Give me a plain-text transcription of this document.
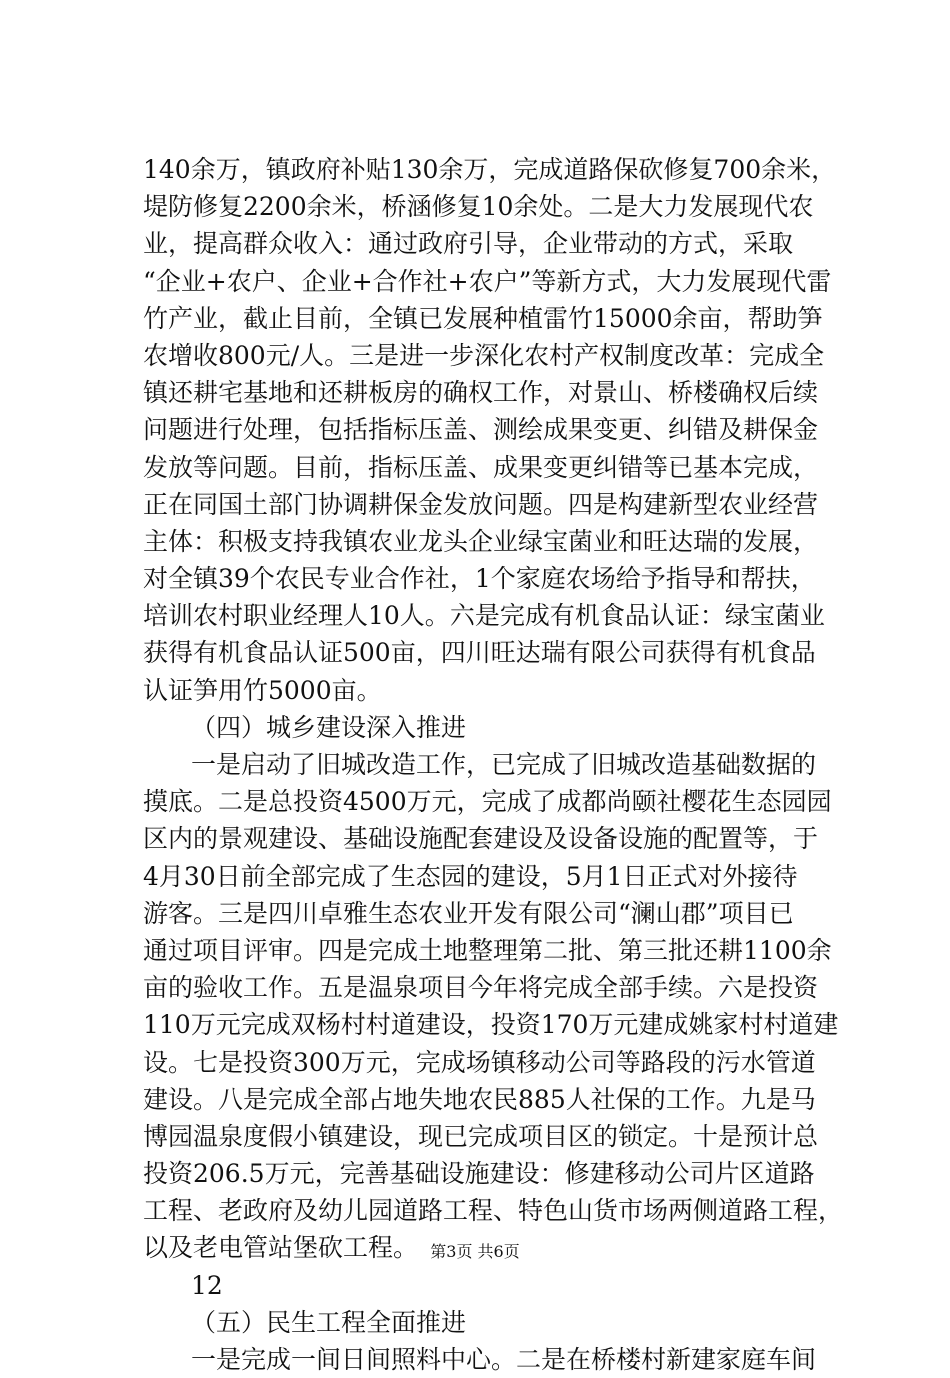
140余万，镇政府补贴130余万，完成道路保砍修复700余米，
堤防修复2200余米，桥涵修复10余处。二是大力发展现代农
业，提高群众收入：通过政府引导，企业带动的方式，采取
“企业+农户、企业+合作社+农户”等新方式，大力发展现代雷
竹产业，截止目前，全镇已发展种植雷竹15000余亩，帮助笋
农增收800元/人。三是进一步深化农村产权制度改革：完成全
镇还耕宅基地和还耕板房的确权工作，对景山、桥楼确权后续
问题进行处理，包括指标压盖、测绘成果变更、纠错及耕保金
发放等问题。目前，指标压盖、成果变更纠错等已基本完成，
正在同国土部门协调耕保金发放问题。四是构建新型农业经营
主体：积极支持我镇农业龙头企业绿宝菌业和旺达瑞的发展，
对全镇39个农民专业合作社，1个家庭农场给予指导和帮扶，
培训农村职业经理人10人。六是完成有机食品认证：绿宝菌业
获得有机食品认证500亩，四川旺达瑞有限公司获得有机食品
认证笋用竹5000亩。
（四）城乡建设深入推进
一是启动了旧城改造工作，已完成了旧城改造基础数据的
摸底。二是总投资4500万元，完成了成都尚颐社樱花生态园园
区内的景观建设、基础设施配套建设及设备设施的配置等，于
4月30日前全部完成了生态园的建设，5月1日正式对外接待
游客。三是四川卓雅生态农业开发有限公司“澜山郡”项目已
通过项目评审。四是完成土地整理第二批、第三批还耕1100余
亩的验收工作。五是温泉项目今年将完成全部手续。六是投资
110万元完成双杨村村道建设，投资170万元建成姚家村村道建
设。七是投资300万元，完成场镇移动公司等路段的污水管道
建设。八是完成全部占地失地农民885人社保的工作。九是马
博园温泉度假小镇建设，现已完成项目区的锁定。十是预计总
投资206.5万元，完善基础设施建设：修建移动公司片区道路
工程、老政府及幼儿园道路工程、特色山货市场两侧道路工程，
以及老电管站堡砍工程。
12
（五）民生工程全面推进
一是完成一间日间照料中心。二是在桥楼村新建家庭车间
第3页 共6页
